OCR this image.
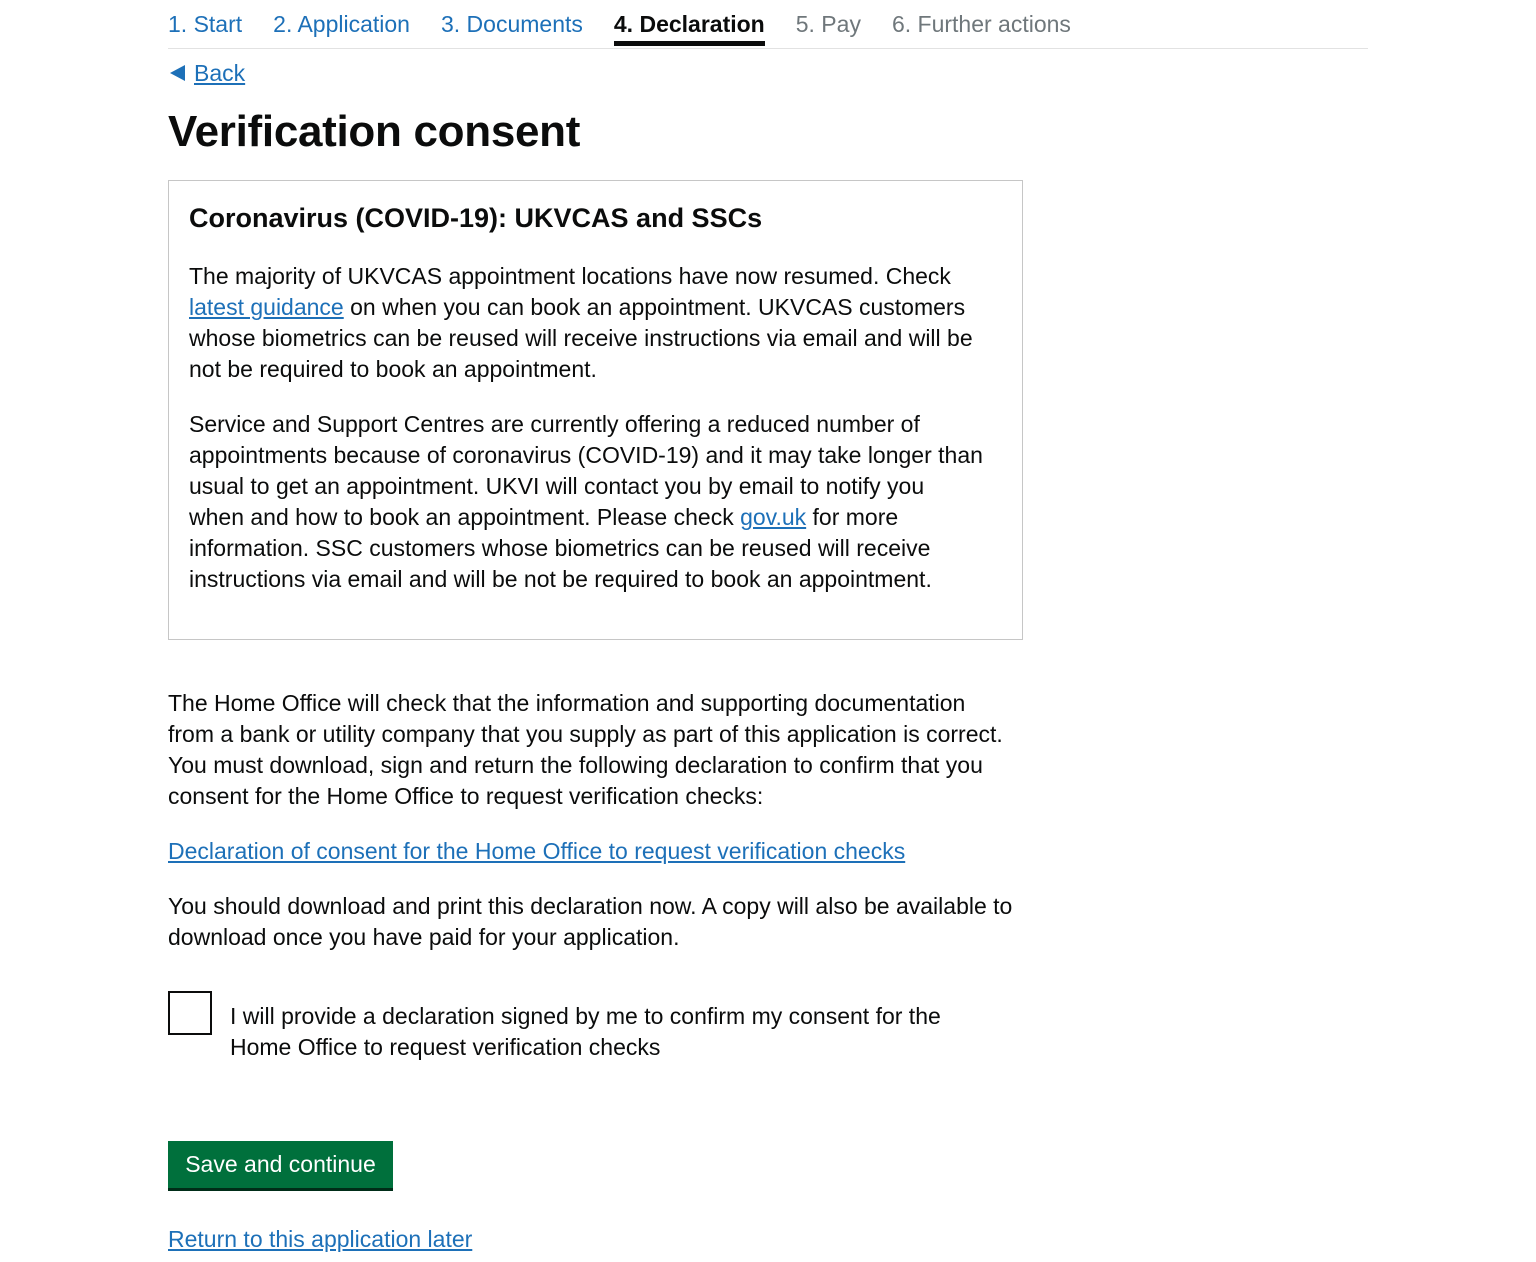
1. Start 2. Application 3. Documents 4. Declaration 5. Pay 6. Further actions
Back
Verification consent
Coronavirus (COVID-19): UKVCAS and SSCs

The majority of UKVCAS appointment locations have now resumed. Check latest guidance on when you can book an appointment. UKVCAS customers whose biometrics can be reused will receive instructions via email and will be not be required to book an appointment.

Service and Support Centres are currently offering a reduced number of appointments because of coronavirus (COVID-19) and it may take longer than usual to get an appointment. UKVI will contact you by email to notify you when and how to book an appointment. Please check gov.uk for more information. SSC customers whose biometrics can be reused will receive instructions via email and will be not be required to book an appointment.

The Home Office will check that the information and supporting documentation from a bank or utility company that you supply as part of this application is correct. You must download, sign and return the following declaration to confirm that you consent for the Home Office to request verification checks:

Declaration of consent for the Home Office to request verification checks

You should download and print this declaration now. A copy will also be available to download once you have paid for your application.

I will provide a declaration signed by me to confirm my consent for the Home Office to request verification checks
Save and continue
Return to this application later
